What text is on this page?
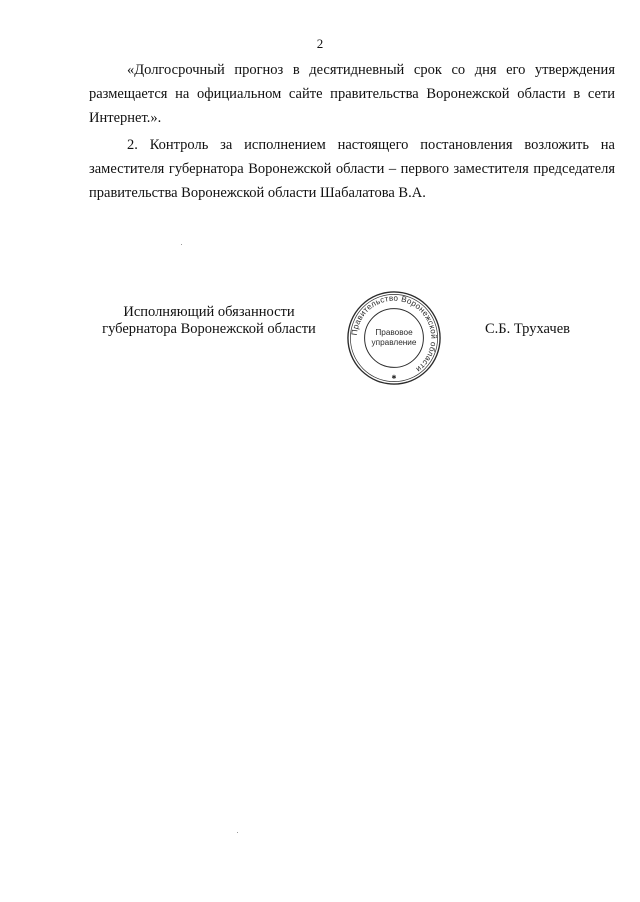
2

«Долгосрочный прогноз в десятидневный срок со дня его утверждения размещается на официальном сайте правительства Воронежской области в сети Интернет.».

2. Контроль за исполнением настоящего постановления возложить на заместителя губернатора Воронежской области – первого заместителя председателя правительства Воронежской области Шабалатова В.А.

Исполняющий обязанности
губернатора Воронежской области	Правительство Воронежской области
Правовое
управление
✱
С.Б. Трухачев
